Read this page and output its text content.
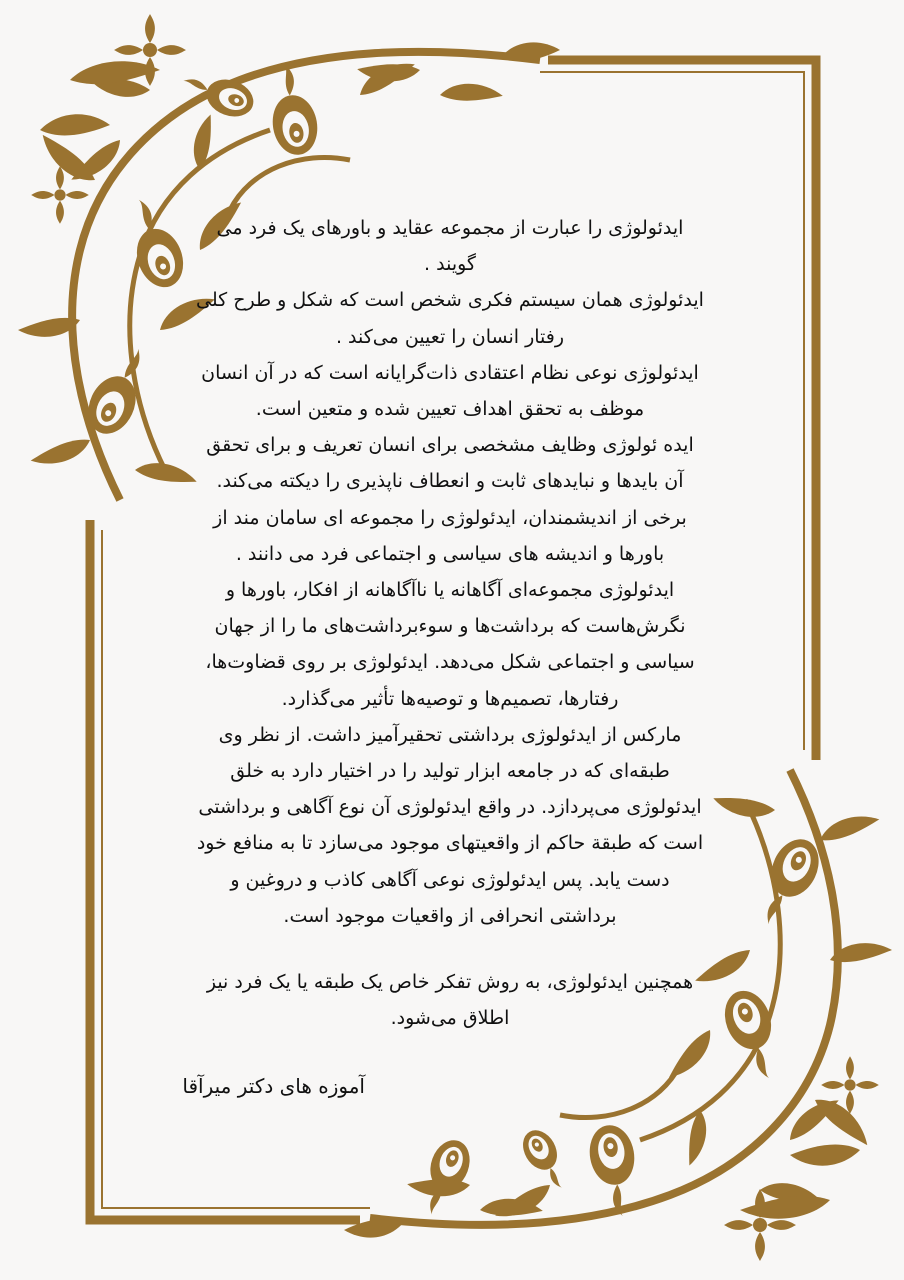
ایدئولوژی را عبارت از مجموعه عقاید و باورهای یک فرد می گویند .

ایدئولوژی همان سیستم فکری شخص است که شکل و طرح کلی رفتار انسان را تعیین می‌کند .

ایدئولوژی نوعی نظام اعتقادی ذات‌گرایانه است که در آن انسان موظف به تحقق اهداف تعیین شده و متعین است.

ایده ئولوژی وظایف مشخصی برای انسان تعریف و برای تحقق آن بایدها و نبایدهای ثابت و انعطاف ناپذیری را دیکته می‌کند.

برخی از اندیشمندان، ایدئولوژی را مجموعه ای سامان مند از باورها و اندیشه های سیاسی و اجتماعی فرد می دانند .

ایدئولوژی مجموعه‌ای آگاهانه یا ناآگاهانه از افکار، باورها و نگرش‌هاست که برداشت‌ها و سوء‌برداشت‌های ما را از جهان سیاسی و اجتماعی شکل می‌دهد. ایدئولوژی بر روی قضاوت‌ها، رفتارها، تصمیم‌ها و توصیه‌ها تأثیر می‌گذارد.

مارکس از ایدئولوژی برداشتی تحقیرآمیز داشت. از نظر وی طبقه‌ای که در جامعه ابزار تولید را در اختیار دارد به خلق ایدئولوژی می‌پردازد. در واقع ایدئولوژی آن نوع آگاهی و برداشتی است که طبقة حاکم از واقعیتهای موجود می‌سازد تا به منافع خود دست یابد. پس ایدئولوژی نوعی آگاهی کاذب و دروغین و برداشتی انحرافی از واقعیات موجود است.

همچنین ایدئولوژی، به روش تفکر خاص یک طبقه یا یک فرد نیز اطلاق می‌شود.

آموزه های دکتر میرآقا
